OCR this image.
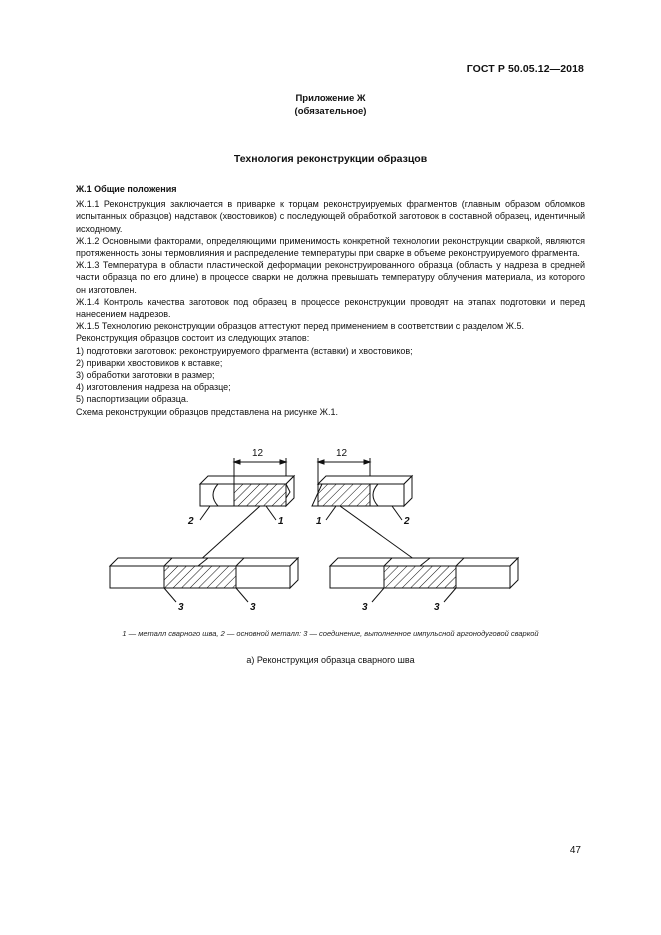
ГОСТ Р 50.05.12—2018
Приложение Ж
(обязательное)
Технология реконструкции образцов

Ж.1 Общие положения

Ж.1.1 Реконструкция заключается в приварке к торцам реконструируемых фрагментов (главным образом обломков испытанных образцов) надставок (хвостовиков) с последующей обработкой заготовок в составной образец, идентичный исходному.

Ж.1.2 Основными факторами, определяющими применимость конкретной технологии реконструкции сваркой, являются протяженность зоны термовлияния и распределение температуры при сварке в объеме реконструируемого фрагмента.

Ж.1.3 Температура в области пластической деформации реконструированного образца (область у надреза в средней части образца по его длине) в процессе сварки не должна превышать температуру облучения материала, из которого он изготовлен.

Ж.1.4 Контроль качества заготовок под образец в процессе реконструкции проводят на этапах подготовки и перед нанесением надрезов.

Ж.1.5 Технологию реконструкции образцов аттестуют перед применением в соответствии с разделом Ж.5.

Реконструкция образцов состоит из следующих этапов:

1) подготовки заготовок: реконструируемого фрагмента (вставки) и хвостовиков;

2) приварки хвостовиков к вставке;

3) обработки заготовки в размер;

4) изготовления надреза на образце;

5) паспортизации образца.

Схема реконструкции образцов представлена на рисунке Ж.1.

12	12
2	1	1	2
3	3	3	3
1 — металл сварного шва, 2 — основной металл: 3 — соединение, выполненное импульсной аргонодуговой сваркой
а) Реконструкция образца сварного шва
47
